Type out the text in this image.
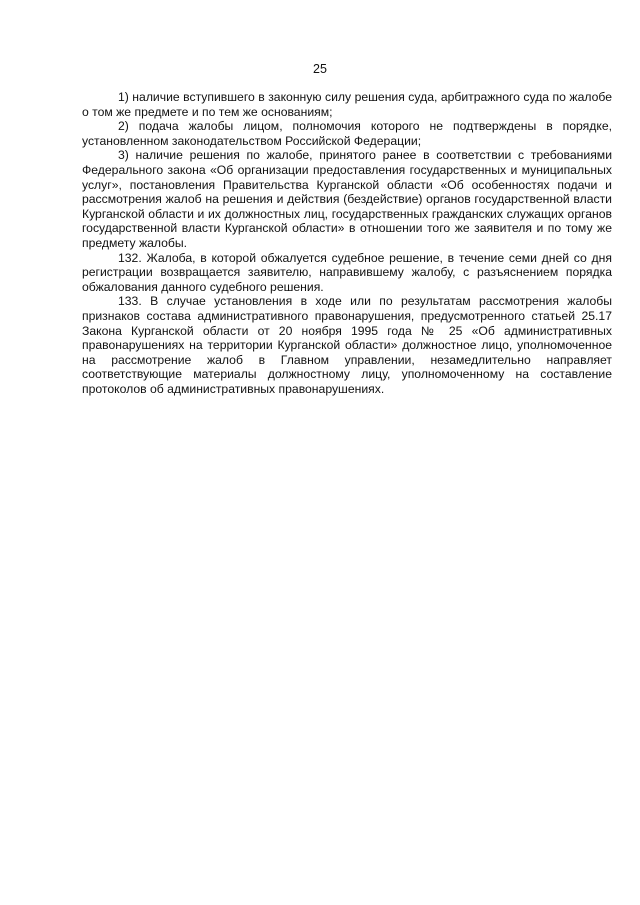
25

1) наличие вступившего в законную силу решения суда, арбитражного суда по жалобе о том же предмете и по тем же основаниям;

2) подача жалобы лицом, полномочия которого не подтверждены в порядке, установленном законодательством Российской Федерации;

3) наличие решения по жалобе, принятого ранее в соответствии с требованиями Федерального закона «Об организации предоставления государственных и муниципальных услуг», постановления Правительства Курганской области «Об особенностях подачи и рассмотрения жалоб на решения и действия (бездействие) органов государственной власти Курганской области и их должностных лиц, государственных гражданских служащих органов государственной власти Курганской области» в отношении того же заявителя и по тому же предмету жалобы.

132. Жалоба, в которой обжалуется судебное решение, в течение семи дней со дня регистрации возвращается заявителю, направившему жалобу, с разъяснением порядка обжалования данного судебного решения.

133. В случае установления в ходе или по результатам рассмотрения жалобы признаков состава административного правонарушения, предусмотренного статьей 25.17 Закона Курганской области от 20 ноября 1995 года № 25 «Об административных правонарушениях на территории Курганской области» должностное лицо, уполномоченное на рассмотрение жалоб в Главном управлении, незамедлительно направляет соответствующие материалы должностному лицу, уполномоченному на составление протоколов об административных правонарушениях.
